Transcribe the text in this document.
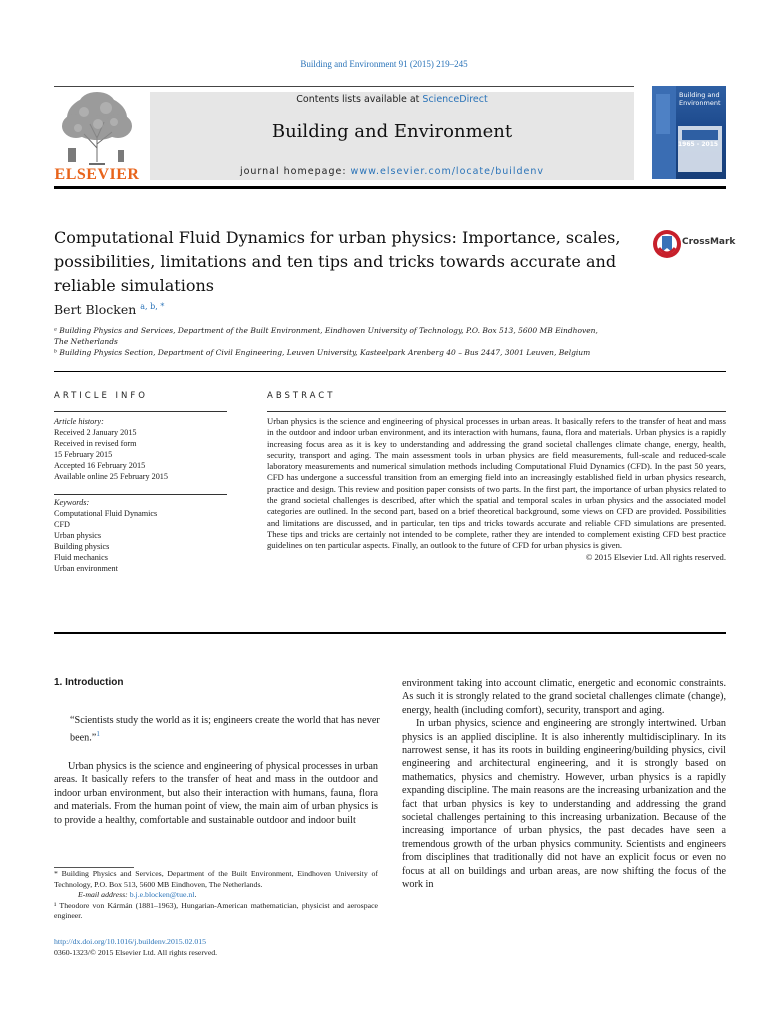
Building and Environment 91 (2015) 219–245
ELSEVIER
Contents lists available at ScienceDirect
Building and Environment
journal homepage: www.elsevier.com/locate/buildenv
Building and Environment
1965 - 2015
Computational Fluid Dynamics for urban physics: Importance, scales, possibilities, limitations and ten tips and tricks towards accurate and reliable simulations
CrossMark
Bert Blocken $^{a, b, *}$
ᵃ Building Physics and Services, Department of the Built Environment, Eindhoven University of Technology, P.O. Box 513, 5600 MB Eindhoven, The Netherlands
ᵇ Building Physics Section, Department of Civil Engineering, Leuven University, Kasteelpark Arenberg 40 – Bus 2447, 3001 Leuven, Belgium
ARTICLE INFO
Article history:
Received 2 January 2015
Received in revised form
15 February 2015
Accepted 16 February 2015
Available online 25 February 2015
Keywords:
Computational Fluid Dynamics
CFD
Urban physics
Building physics
Fluid mechanics
Urban environment
ABSTRACT
Urban physics is the science and engineering of physical processes in urban areas. It basically refers to the transfer of heat and mass in the outdoor and indoor urban environment, and its interaction with humans, fauna, flora and materials. Urban physics is a rapidly increasing focus area as it is key to understanding and addressing the grand societal challenges climate change, energy, health, security, transport and aging. The main assessment tools in urban physics are field measurements, full-scale and reduced-scale laboratory measurements and numerical simulation methods including Computational Fluid Dynamics (CFD). In the past 50 years, CFD has undergone a successful transition from an emerging field into an increasingly established field in urban physics research, practice and design. This review and position paper consists of two parts. In the first part, the importance of urban physics related to the grand societal challenges is described, after which the spatial and temporal scales in urban physics and the associated model categories are outlined. In the second part, based on a brief theoretical background, some views on CFD are provided. Possibilities and limitations are discussed, and in particular, ten tips and tricks towards accurate and reliable CFD simulations are presented. These tips and tricks are certainly not intended to be complete, rather they are intended to complement existing CFD best practice guidelines on ten particular aspects. Finally, an outlook to the future of CFD for urban physics is given.
© 2015 Elsevier Ltd. All rights reserved.
1. Introduction
“Scientists study the world as it is; engineers create the world that has never been.”$^1$
Urban physics is the science and engineering of physical processes in urban areas. It basically refers to the transfer of heat and mass in the outdoor and indoor urban environment, but also their interaction with humans, fauna, flora and materials. From the human point of view, the main aim of urban physics is to provide a healthy, comfortable and sustainable outdoor and indoor built
* Building Physics and Services, Department of the Built Environment, Eindhoven University of Technology, P.O. Box 513, 5600 MB Eindhoven, The Netherlands.
E-mail address: b.j.e.blocken@tue.nl.
¹ Theodore von Kármán (1881–1963), Hungarian-American mathematician, physicist and aerospace engineer.
http://dx.doi.org/10.1016/j.buildenv.2015.02.015
0360-1323/© 2015 Elsevier Ltd. All rights reserved.

environment taking into account climatic, energetic and economic constraints. As such it is strongly related to the grand societal challenges climate (change), energy, health (including comfort), security, transport and aging.

In urban physics, science and engineering are strongly intertwined. Urban physics is an applied discipline. It is also inherently multidisciplinary. In its narrowest sense, it has its roots in building engineering/building physics, civil engineering and architectural engineering, and it is strongly based on mathematics, physics and chemistry. However, urban physics is a rapidly expanding discipline. The main reasons are the increasing urbanization and the fact that urban physics is key to understanding and addressing the grand societal challenges pertaining to this increasing urbanization. Because of the increasing importance of urban physics, the past decades have seen a tremendous growth of the urban physics community. Scientists and engineers from disciplines that traditionally did not have an explicit focus or even no focus at all on buildings and urban areas, are now shifting the focus of the work in
